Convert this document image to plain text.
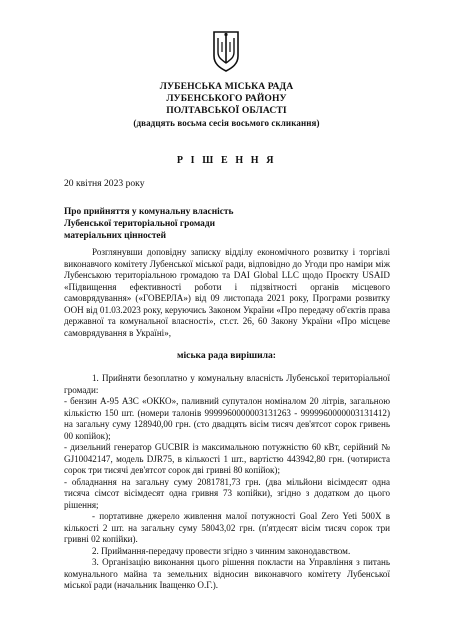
ЛУБЕНСЬКА МІСЬКА РАДА
ЛУБЕНСЬКОГО РАЙОНУ
ПОЛТАВСЬКОЇ ОБЛАСТІ
(двадцять восьма сесія восьмого скликання)
Р І Ш Е Н Н Я
20 квітня 2023 року
Про прийняття у комунальну власність
Лубенської територіальної громади
матеріальних цінностей
Розглянувши доповідну записку відділу економічного розвитку і торгівлі виконавчого комітету Лубенської міської ради, відповідно до Угоди про наміри між Лубенською територіальною громадою та DAI Global LLC щодо Проєкту USAID «Підвищення ефективності роботи і підзвітності органів місцевого самоврядування» («ГОВЕРЛА») від 09 листопада 2021 року, Програми розвитку ООН від 01.03.2023 року, керуючись Законом України «Про передачу об'єктів права державної та комунальної власності», ст.ст. 26, 60 Закону України «Про місцеве самоврядування в Україні»,
міська рада вирішила:

1. Прийняти безоплатно у комунальну власність Лубенської територіальної громади:

- бензин А-95 АЗС «ОККО», паливний супуталон номіналом 20 літрів, загальною кількістю 150 шт. (номери талонів 9999960000003131263 - 9999960000003131412) на загальну суму 128940,00 грн. (сто двадцять вісім тисяч дев'ятсот сорок гривень 00 копійок);

- дизельний генератор GUCBIR із максимальною потужністю 60 кВт, серійний № GJ10042147, модель DJR75, в кількості 1 шт., вартістю 443942,80 грн. (чотириста сорок три тисячі дев'ятсот сорок дві гривні 80 копійок);

- обладнання на загальну суму 2081781,73 грн. (два мільйони вісімдесят одна тисяча сімсот вісімдесят одна гривня 73 копійки), згідно з додатком до цього рішення;

- портативне джерело живлення малої потужності Goal Zero Yeti 500X в кількості 2 шт. на загальну суму 58043,02 грн. (п'ятдесят вісім тисяч сорок три гривні 02 копійки).

2. Приймання-передачу провести згідно з чинним законодавством.

3. Організацію виконання цього рішення покласти на Управління з питань комунального майна та земельних відносин виконавчого комітету Лубенської міської ради (начальник Іващенко О.Г.).
